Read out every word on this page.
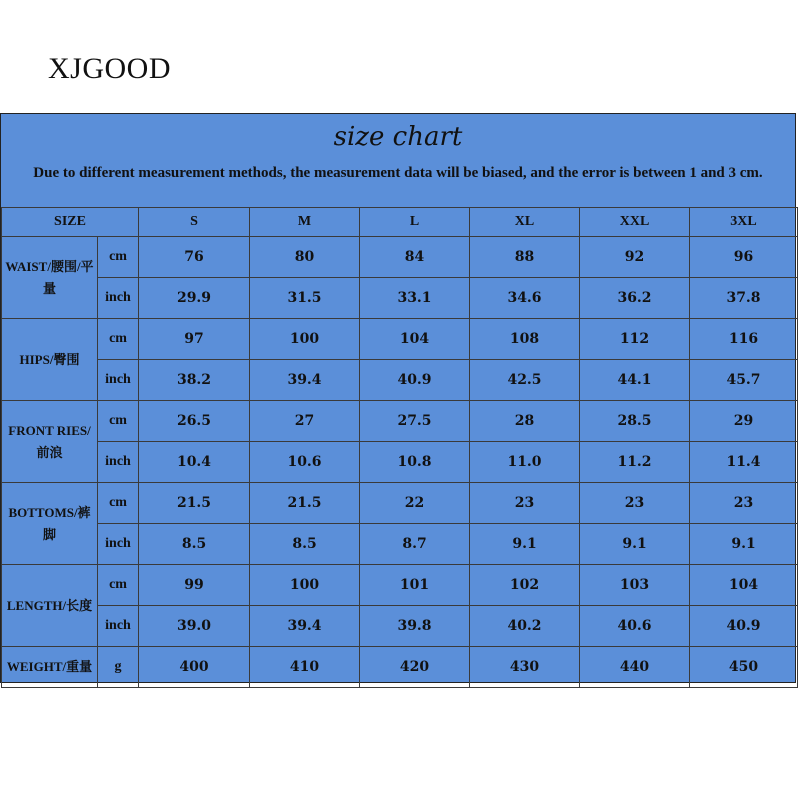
XJGOOD
size chart
Due to different measurement methods, the measurement data will be biased, and the error is between 1 and 3 cm.
SIZE		S	M	L	XL	XXL	3XL
WAIST/腰围/平量	cm	76	80	84	88	92	96
	inch	29.9	31.5	33.1	34.6	36.2	37.8
HIPS/臀围	cm	97	100	104	108	112	116
	inch	38.2	39.4	40.9	42.5	44.1	45.7
FRONT RIES/前浪	cm	26.5	27	27.5	28	28.5	29
	inch	10.4	10.6	10.8	11.0	11.2	11.4
BOTTOMS/裤脚	cm	21.5	21.5	22	23	23	23
	inch	8.5	8.5	8.7	9.1	9.1	9.1
LENGTH/长度	cm	99	100	101	102	103	104
	inch	39.0	39.4	39.8	40.2	40.6	40.9
WEIGHT/重量	g	400	410	420	430	440	450
